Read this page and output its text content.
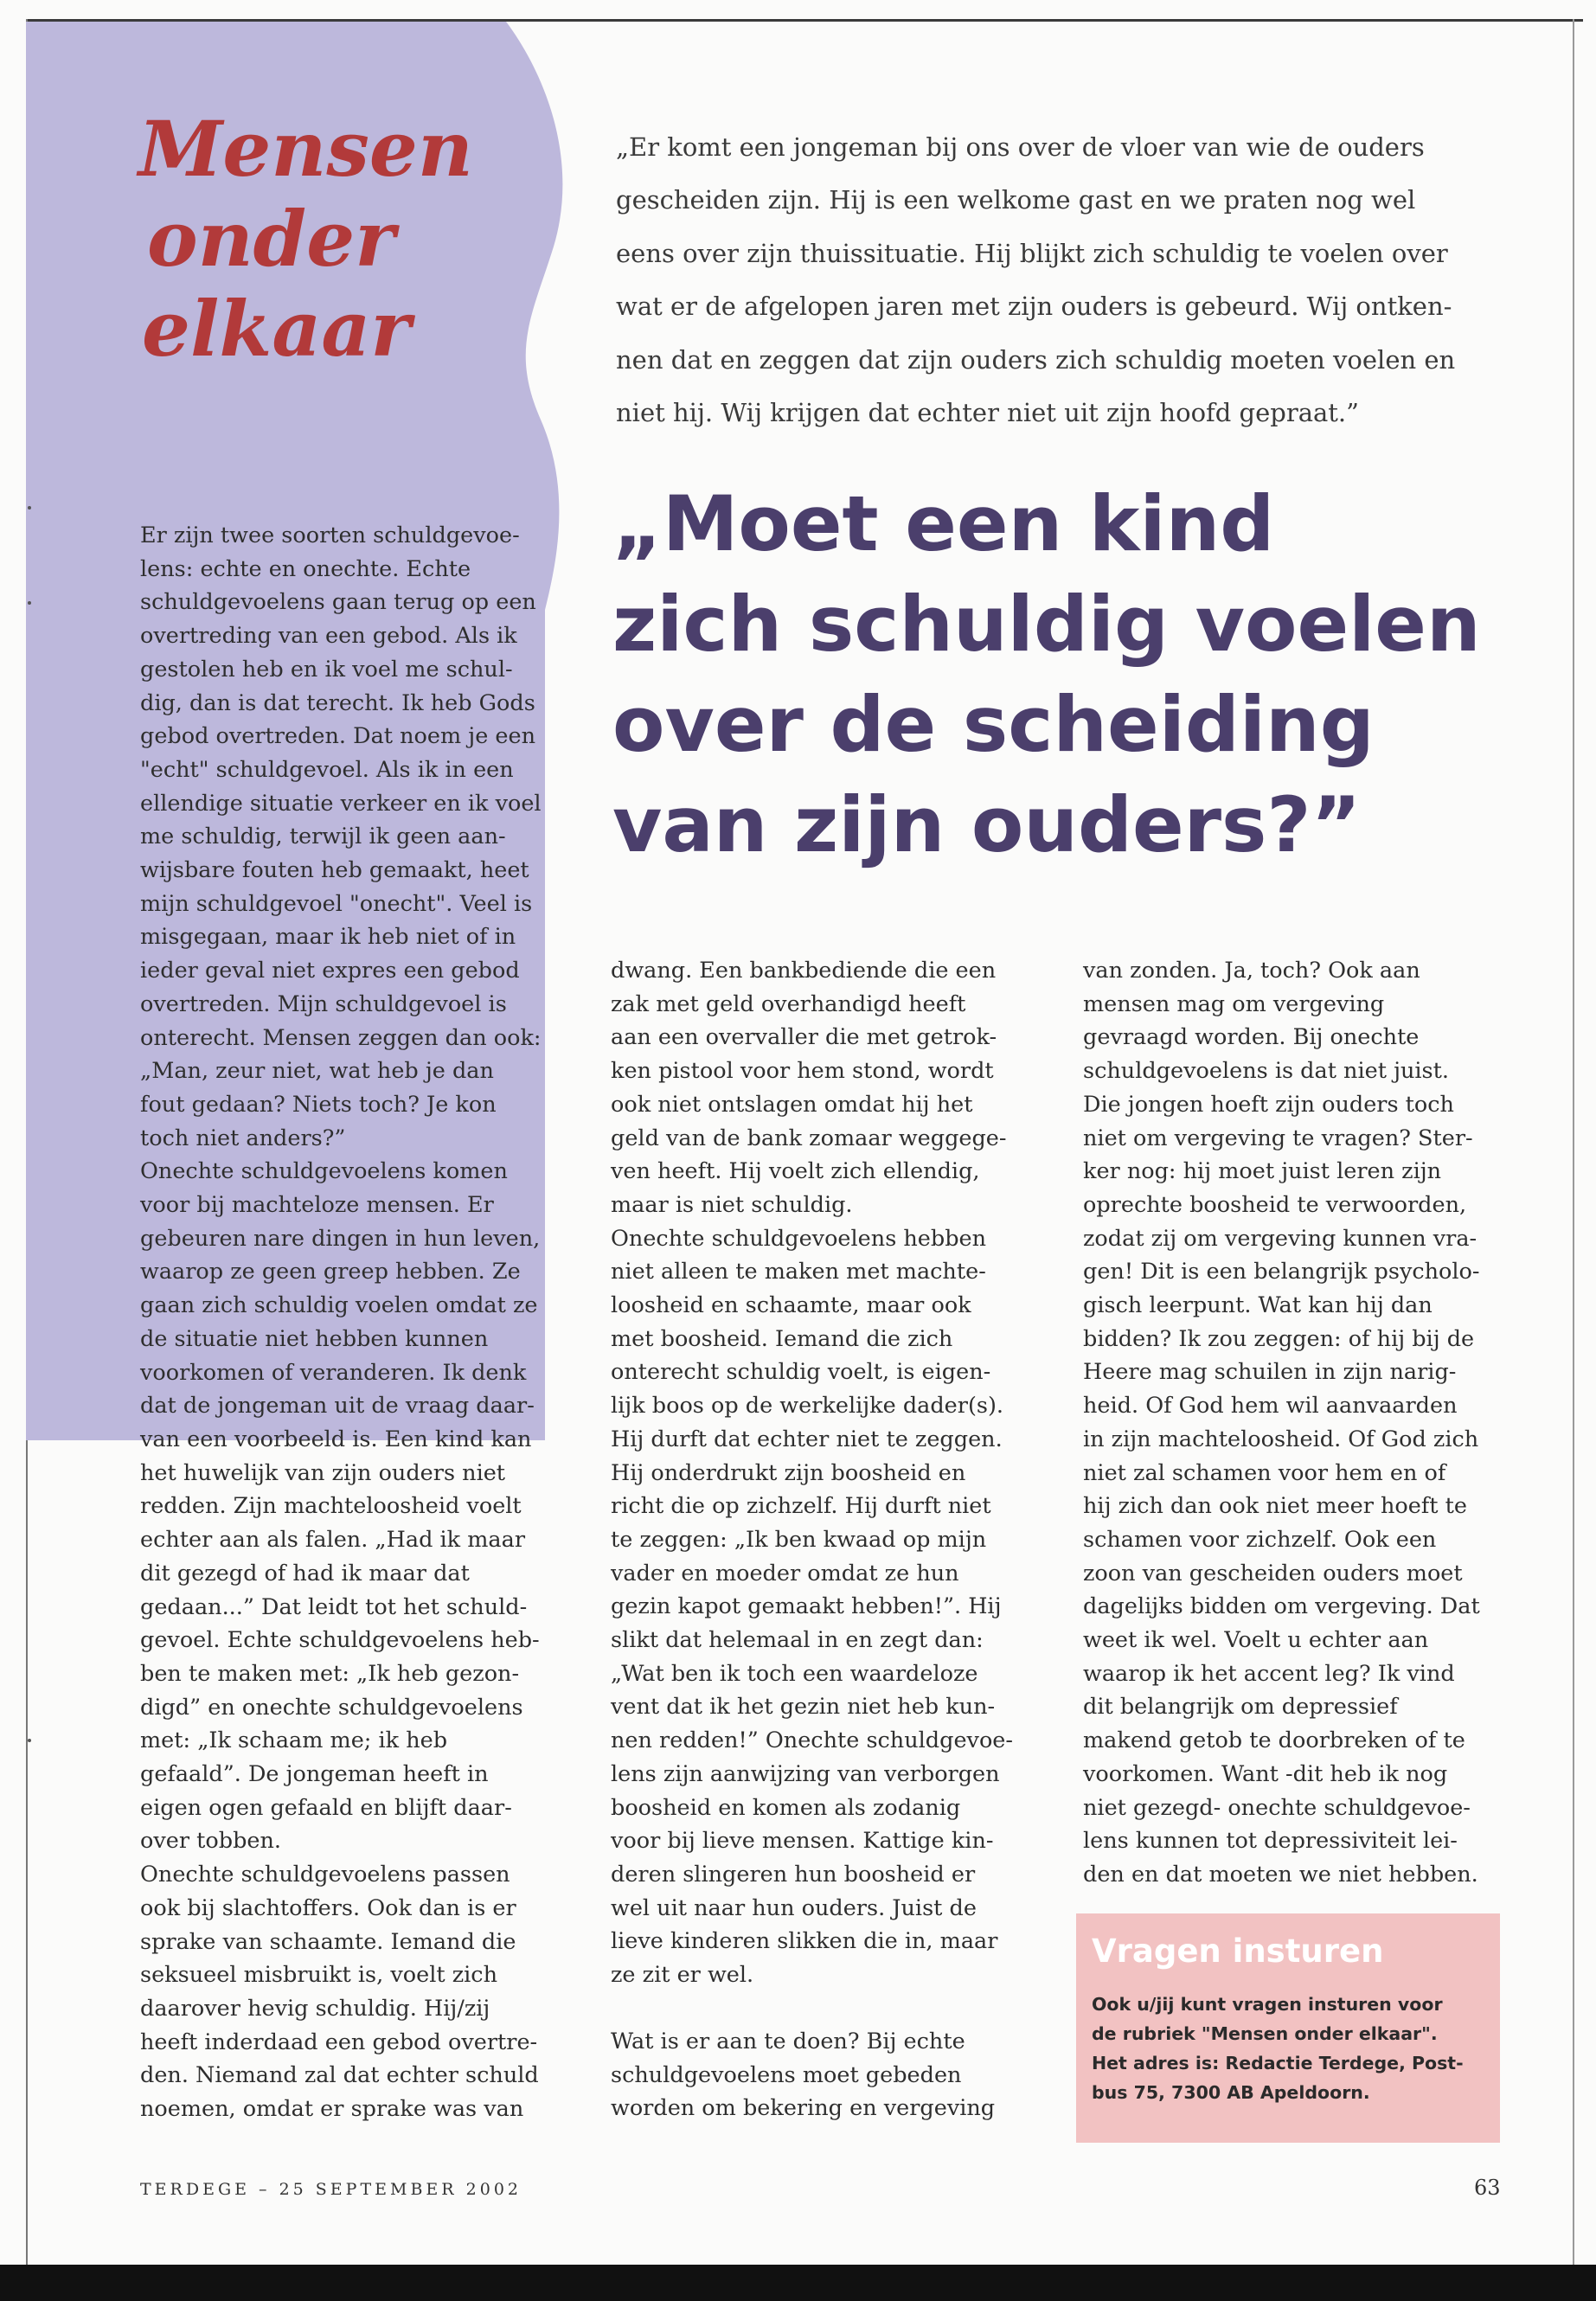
Mensen
onder
elkaar

„Er komt een jongeman bij ons over de vloer van wie de ouders

gescheiden zijn. Hij is een welkome gast en we praten nog wel

eens over zijn thuissituatie. Hij blijkt zich schuldig te voelen over

wat er de afgelopen jaren met zijn ouders is gebeurd. Wij ontken-

nen dat en zeggen dat zijn ouders zich schuldig moeten voelen en

niet hij. Wij krijgen dat echter niet uit zijn hoofd gepraat.”

„Moet een kind
zich schuldig voelen
over de scheiding
van zijn ouders?”

Er zijn twee soorten schuldgevoe-

lens: echte en onechte. Echte

schuldgevoelens gaan terug op een

overtreding van een gebod. Als ik

gestolen heb en ik voel me schul-

dig, dan is dat terecht. Ik heb Gods

gebod overtreden. Dat noem je een

"echt" schuldgevoel. Als ik in een

ellendige situatie verkeer en ik voel

me schuldig, terwijl ik geen aan-

wijsbare fouten heb gemaakt, heet

mijn schuldgevoel "onecht". Veel is

misgegaan, maar ik heb niet of in

ieder geval niet expres een gebod

overtreden. Mijn schuldgevoel is

onterecht. Mensen zeggen dan ook:

„Man, zeur niet, wat heb je dan

fout gedaan? Niets toch? Je kon

toch niet anders?”

Onechte schuldgevoelens komen

voor bij machteloze mensen. Er

gebeuren nare dingen in hun leven,

waarop ze geen greep hebben. Ze

gaan zich schuldig voelen omdat ze

de situatie niet hebben kunnen

voorkomen of veranderen. Ik denk

dat de jongeman uit de vraag daar-

van een voorbeeld is. Een kind kan

het huwelijk van zijn ouders niet

redden. Zijn machteloosheid voelt

echter aan als falen. „Had ik maar

dit gezegd of had ik maar dat

gedaan...” Dat leidt tot het schuld-

gevoel. Echte schuldgevoelens heb-

ben te maken met: „Ik heb gezon-

digd” en onechte schuldgevoelens

met: „Ik schaam me; ik heb

gefaald”. De jongeman heeft in

eigen ogen gefaald en blijft daar-

over tobben.

Onechte schuldgevoelens passen

ook bij slachtoffers. Ook dan is er

sprake van schaamte. Iemand die

seksueel misbruikt is, voelt zich

daarover hevig schuldig. Hij/zij

heeft inderdaad een gebod overtre-

den. Niemand zal dat echter schuld

noemen, omdat er sprake was van

dwang. Een bankbediende die een

zak met geld overhandigd heeft

aan een overvaller die met getrok-

ken pistool voor hem stond, wordt

ook niet ontslagen omdat hij het

geld van de bank zomaar weggege-

ven heeft. Hij voelt zich ellendig,

maar is niet schuldig.

Onechte schuldgevoelens hebben

niet alleen te maken met machte-

loosheid en schaamte, maar ook

met boosheid. Iemand die zich

onterecht schuldig voelt, is eigen-

lijk boos op de werkelijke dader(s).

Hij durft dat echter niet te zeggen.

Hij onderdrukt zijn boosheid en

richt die op zichzelf. Hij durft niet

te zeggen: „Ik ben kwaad op mijn

vader en moeder omdat ze hun

gezin kapot gemaakt hebben!”. Hij

slikt dat helemaal in en zegt dan:

„Wat ben ik toch een waardeloze

vent dat ik het gezin niet heb kun-

nen redden!” Onechte schuldgevoe-

lens zijn aanwijzing van verborgen

boosheid en komen als zodanig

voor bij lieve mensen. Kattige kin-

deren slingeren hun boosheid er

wel uit naar hun ouders. Juist de

lieve kinderen slikken die in, maar

ze zit er wel.

Wat is er aan te doen? Bij echte

schuldgevoelens moet gebeden

worden om bekering en vergeving

van zonden. Ja, toch? Ook aan

mensen mag om vergeving

gevraagd worden. Bij onechte

schuldgevoelens is dat niet juist.

Die jongen hoeft zijn ouders toch

niet om vergeving te vragen? Ster-

ker nog: hij moet juist leren zijn

oprechte boosheid te verwoorden,

zodat zij om vergeving kunnen vra-

gen! Dit is een belangrijk psycholo-

gisch leerpunt. Wat kan hij dan

bidden? Ik zou zeggen: of hij bij de

Heere mag schuilen in zijn narig-

heid. Of God hem wil aanvaarden

in zijn machteloosheid. Of God zich

niet zal schamen voor hem en of

hij zich dan ook niet meer hoeft te

schamen voor zichzelf. Ook een

zoon van gescheiden ouders moet

dagelijks bidden om vergeving. Dat

weet ik wel. Voelt u echter aan

waarop ik het accent leg? Ik vind

dit belangrijk om depressief

makend getob te doorbreken of te

voorkomen. Want -dit heb ik nog

niet gezegd- onechte schuldgevoe-

lens kunnen tot depressiviteit lei-

den en dat moeten we niet hebben.

Vragen insturen

Ook u/jij kunt vragen insturen voor

de rubriek "Mensen onder elkaar".

Het adres is: Redactie Terdege, Post-

bus 75, 7300 AB Apeldoorn.

TERDEGE – 25 SEPTEMBER 2002	63
